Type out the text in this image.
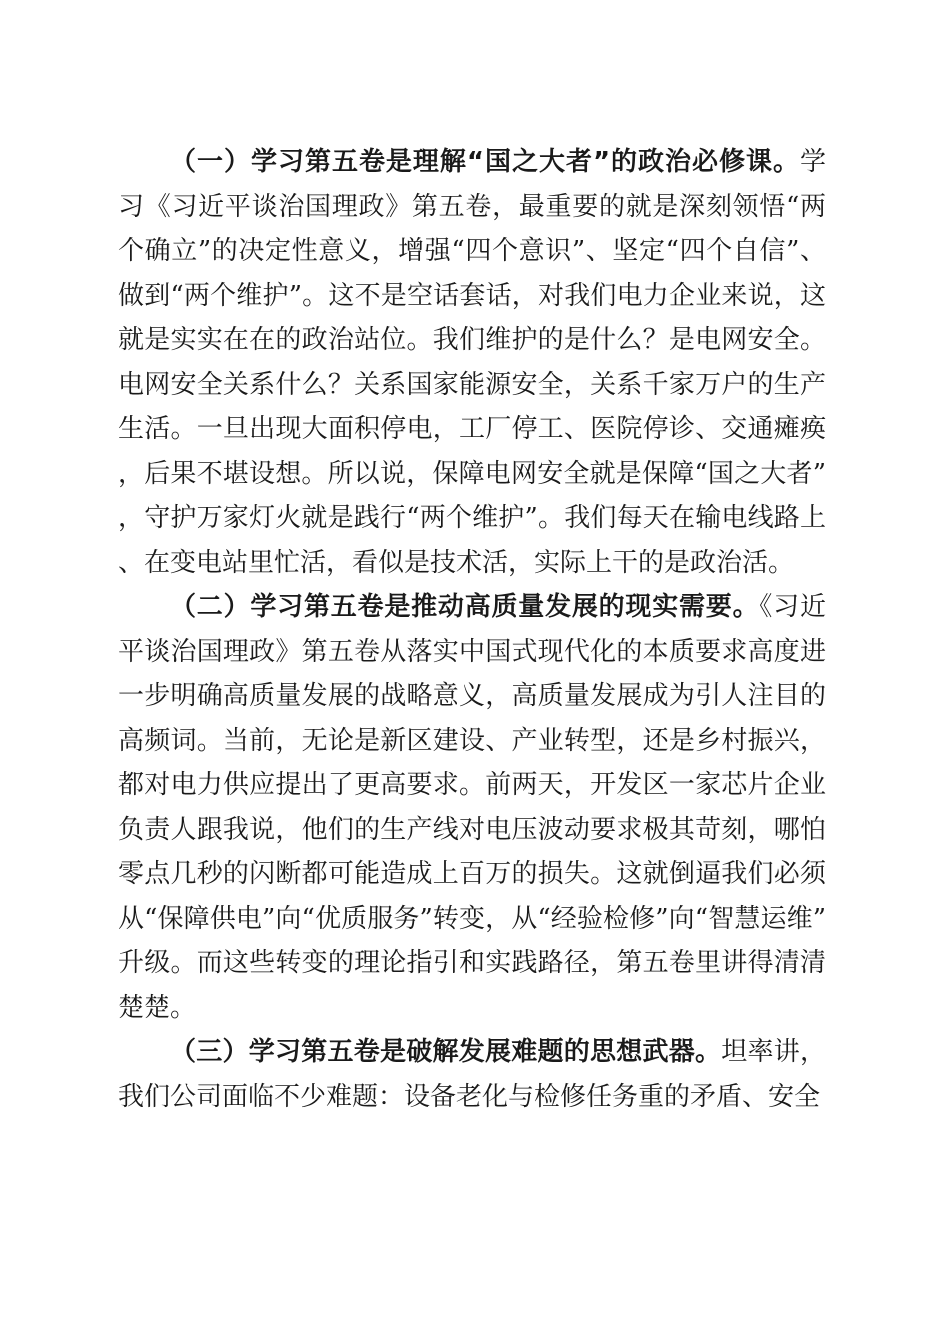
（一）学习第五卷是理解“国之大者”的政治必修课。学习《习近平谈治国理政》第五卷，最重要的就是深刻领悟“两个确立”的决定性意义，增强“四个意识”、坚定“四个自信”、做到“两个维护”。这不是空话套话，对我们电力企业来说，这就是实实在在的政治站位。我们维护的是什么？是电网安全。电网安全关系什么？关系国家能源安全，关系千家万户的生产生活。一旦出现大面积停电，工厂停工、医院停诊、交通瘫痪，后果不堪设想。所以说，保障电网安全就是保障“国之大者”，守护万家灯火就是践行“两个维护”。我们每天在输电线路上、在变电站里忙活，看似是技术活，实际上干的是政治活。

（二）学习第五卷是推动高质量发展的现实需要。《习近平谈治国理政》第五卷从落实中国式现代化的本质要求高度进一步明确高质量发展的战略意义，高质量发展成为引人注目的高频词。当前，无论是新区建设、产业转型，还是乡村振兴，都对电力供应提出了更高要求。前两天，开发区一家芯片企业负责人跟我说，他们的生产线对电压波动要求极其苛刻，哪怕零点几秒的闪断都可能造成上百万的损失。这就倒逼我们必须从“保障供电”向“优质服务”转变，从“经验检修”向“智慧运维”升级。而这些转变的理论指引和实践路径，第五卷里讲得清清楚楚。

（三）学习第五卷是破解发展难题的思想武器。坦率讲，我们公司面临不少难题：设备老化与检修任务重的矛盾、安全
